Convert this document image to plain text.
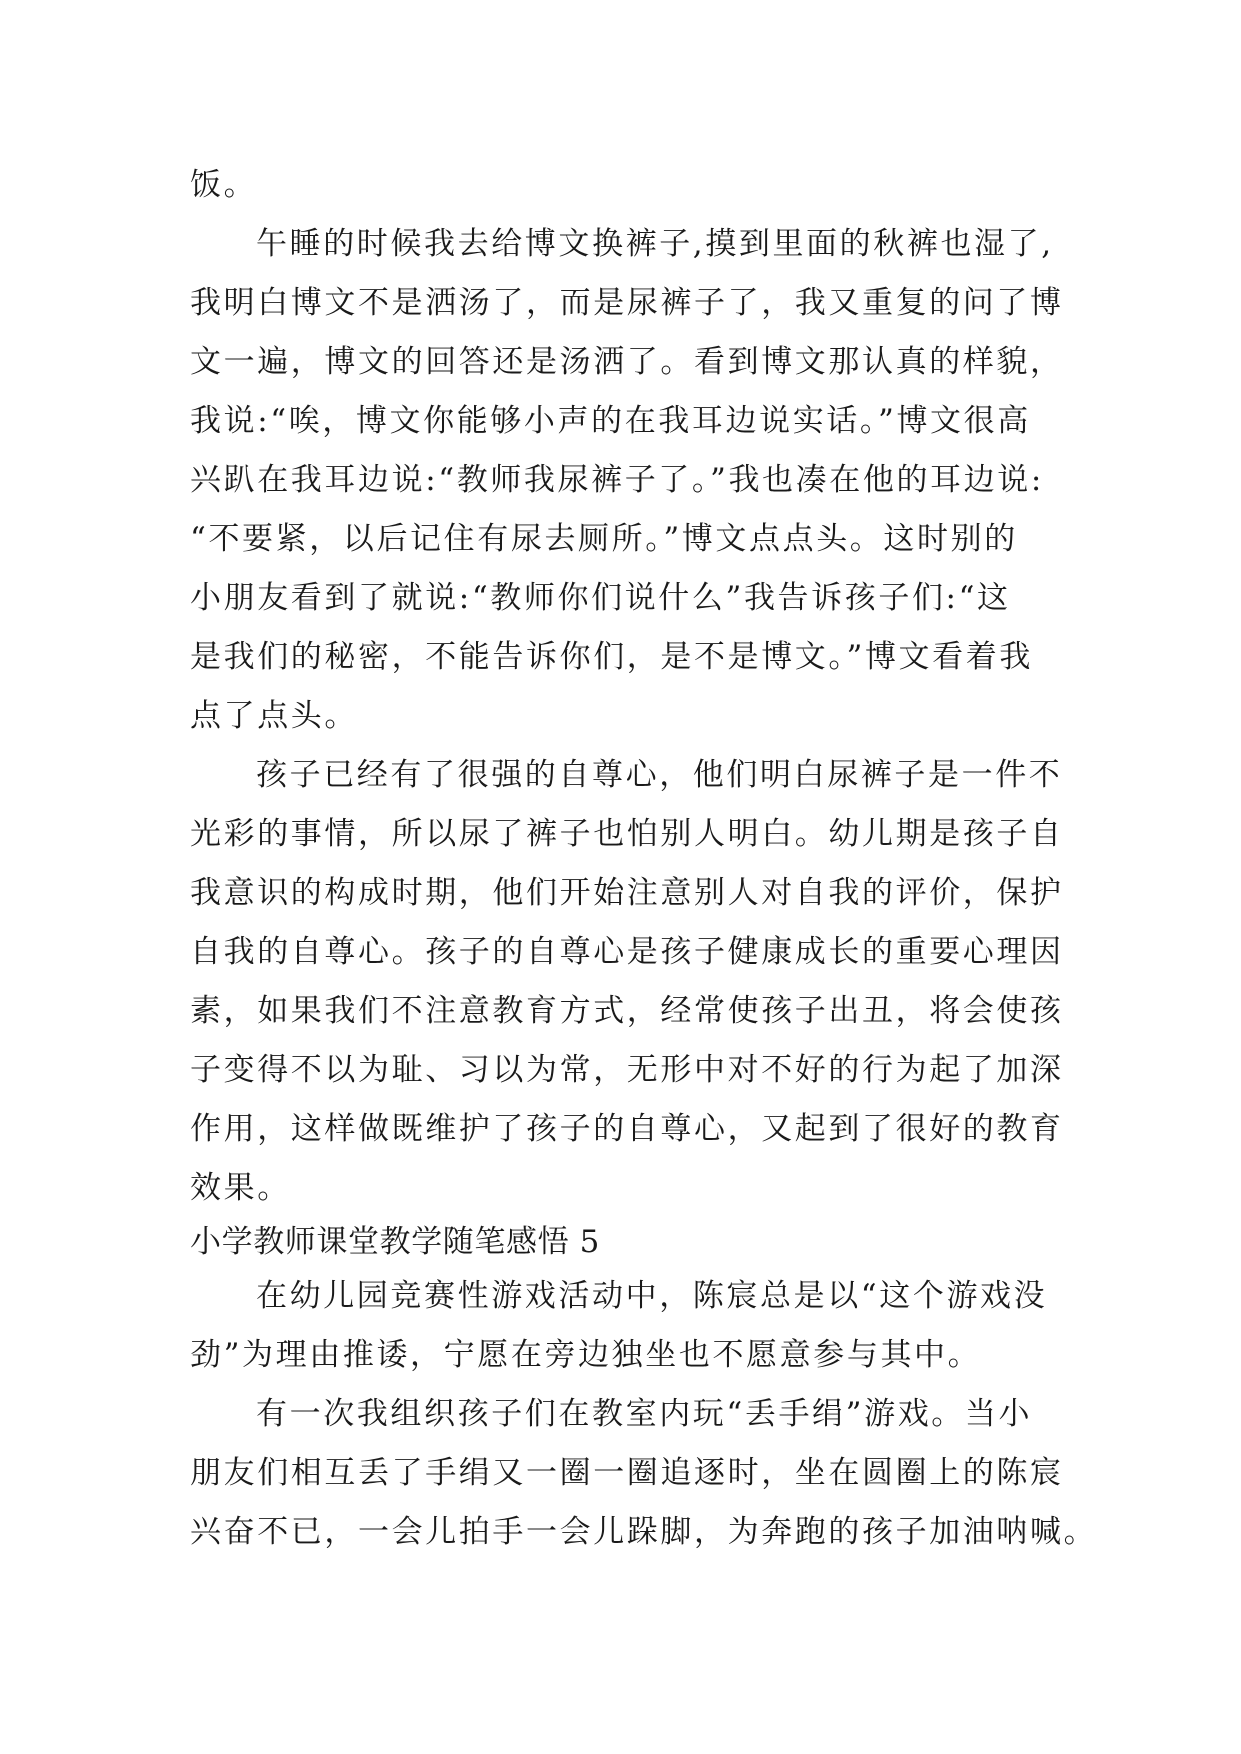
饭。
午睡的时候我去给博文换裤子,摸到里面的秋裤也湿了,
我明白博文不是洒汤了，而是尿裤子了，我又重复的问了博
文一遍，博文的回答还是汤洒了。看到博文那认真的样貌，
我说:“唉，博文你能够小声的在我耳边说实话。”博文很高
兴趴在我耳边说:“教师我尿裤子了。”我也凑在他的耳边说:
“不要紧，以后记住有尿去厕所。”博文点点头。这时别的
小朋友看到了就说:“教师你们说什么”我告诉孩子们:“这
是我们的秘密，不能告诉你们，是不是博文。”博文看着我
点了点头。
孩子已经有了很强的自尊心，他们明白尿裤子是一件不
光彩的事情，所以尿了裤子也怕别人明白。幼儿期是孩子自
我意识的构成时期，他们开始注意别人对自我的评价，保护
自我的自尊心。孩子的自尊心是孩子健康成长的重要心理因
素，如果我们不注意教育方式，经常使孩子出丑，将会使孩
子变得不以为耻、习以为常，无形中对不好的行为起了加深
作用，这样做既维护了孩子的自尊心，又起到了很好的教育
效果。
小学教师课堂教学随笔感悟 5
在幼儿园竞赛性游戏活动中，陈宸总是以“这个游戏没
劲”为理由推诿，宁愿在旁边独坐也不愿意参与其中。
有一次我组织孩子们在教室内玩“丢手绢”游戏。当小
朋友们相互丢了手绢又一圈一圈追逐时，坐在圆圈上的陈宸
兴奋不已，一会儿拍手一会儿跺脚，为奔跑的孩子加油呐喊。
